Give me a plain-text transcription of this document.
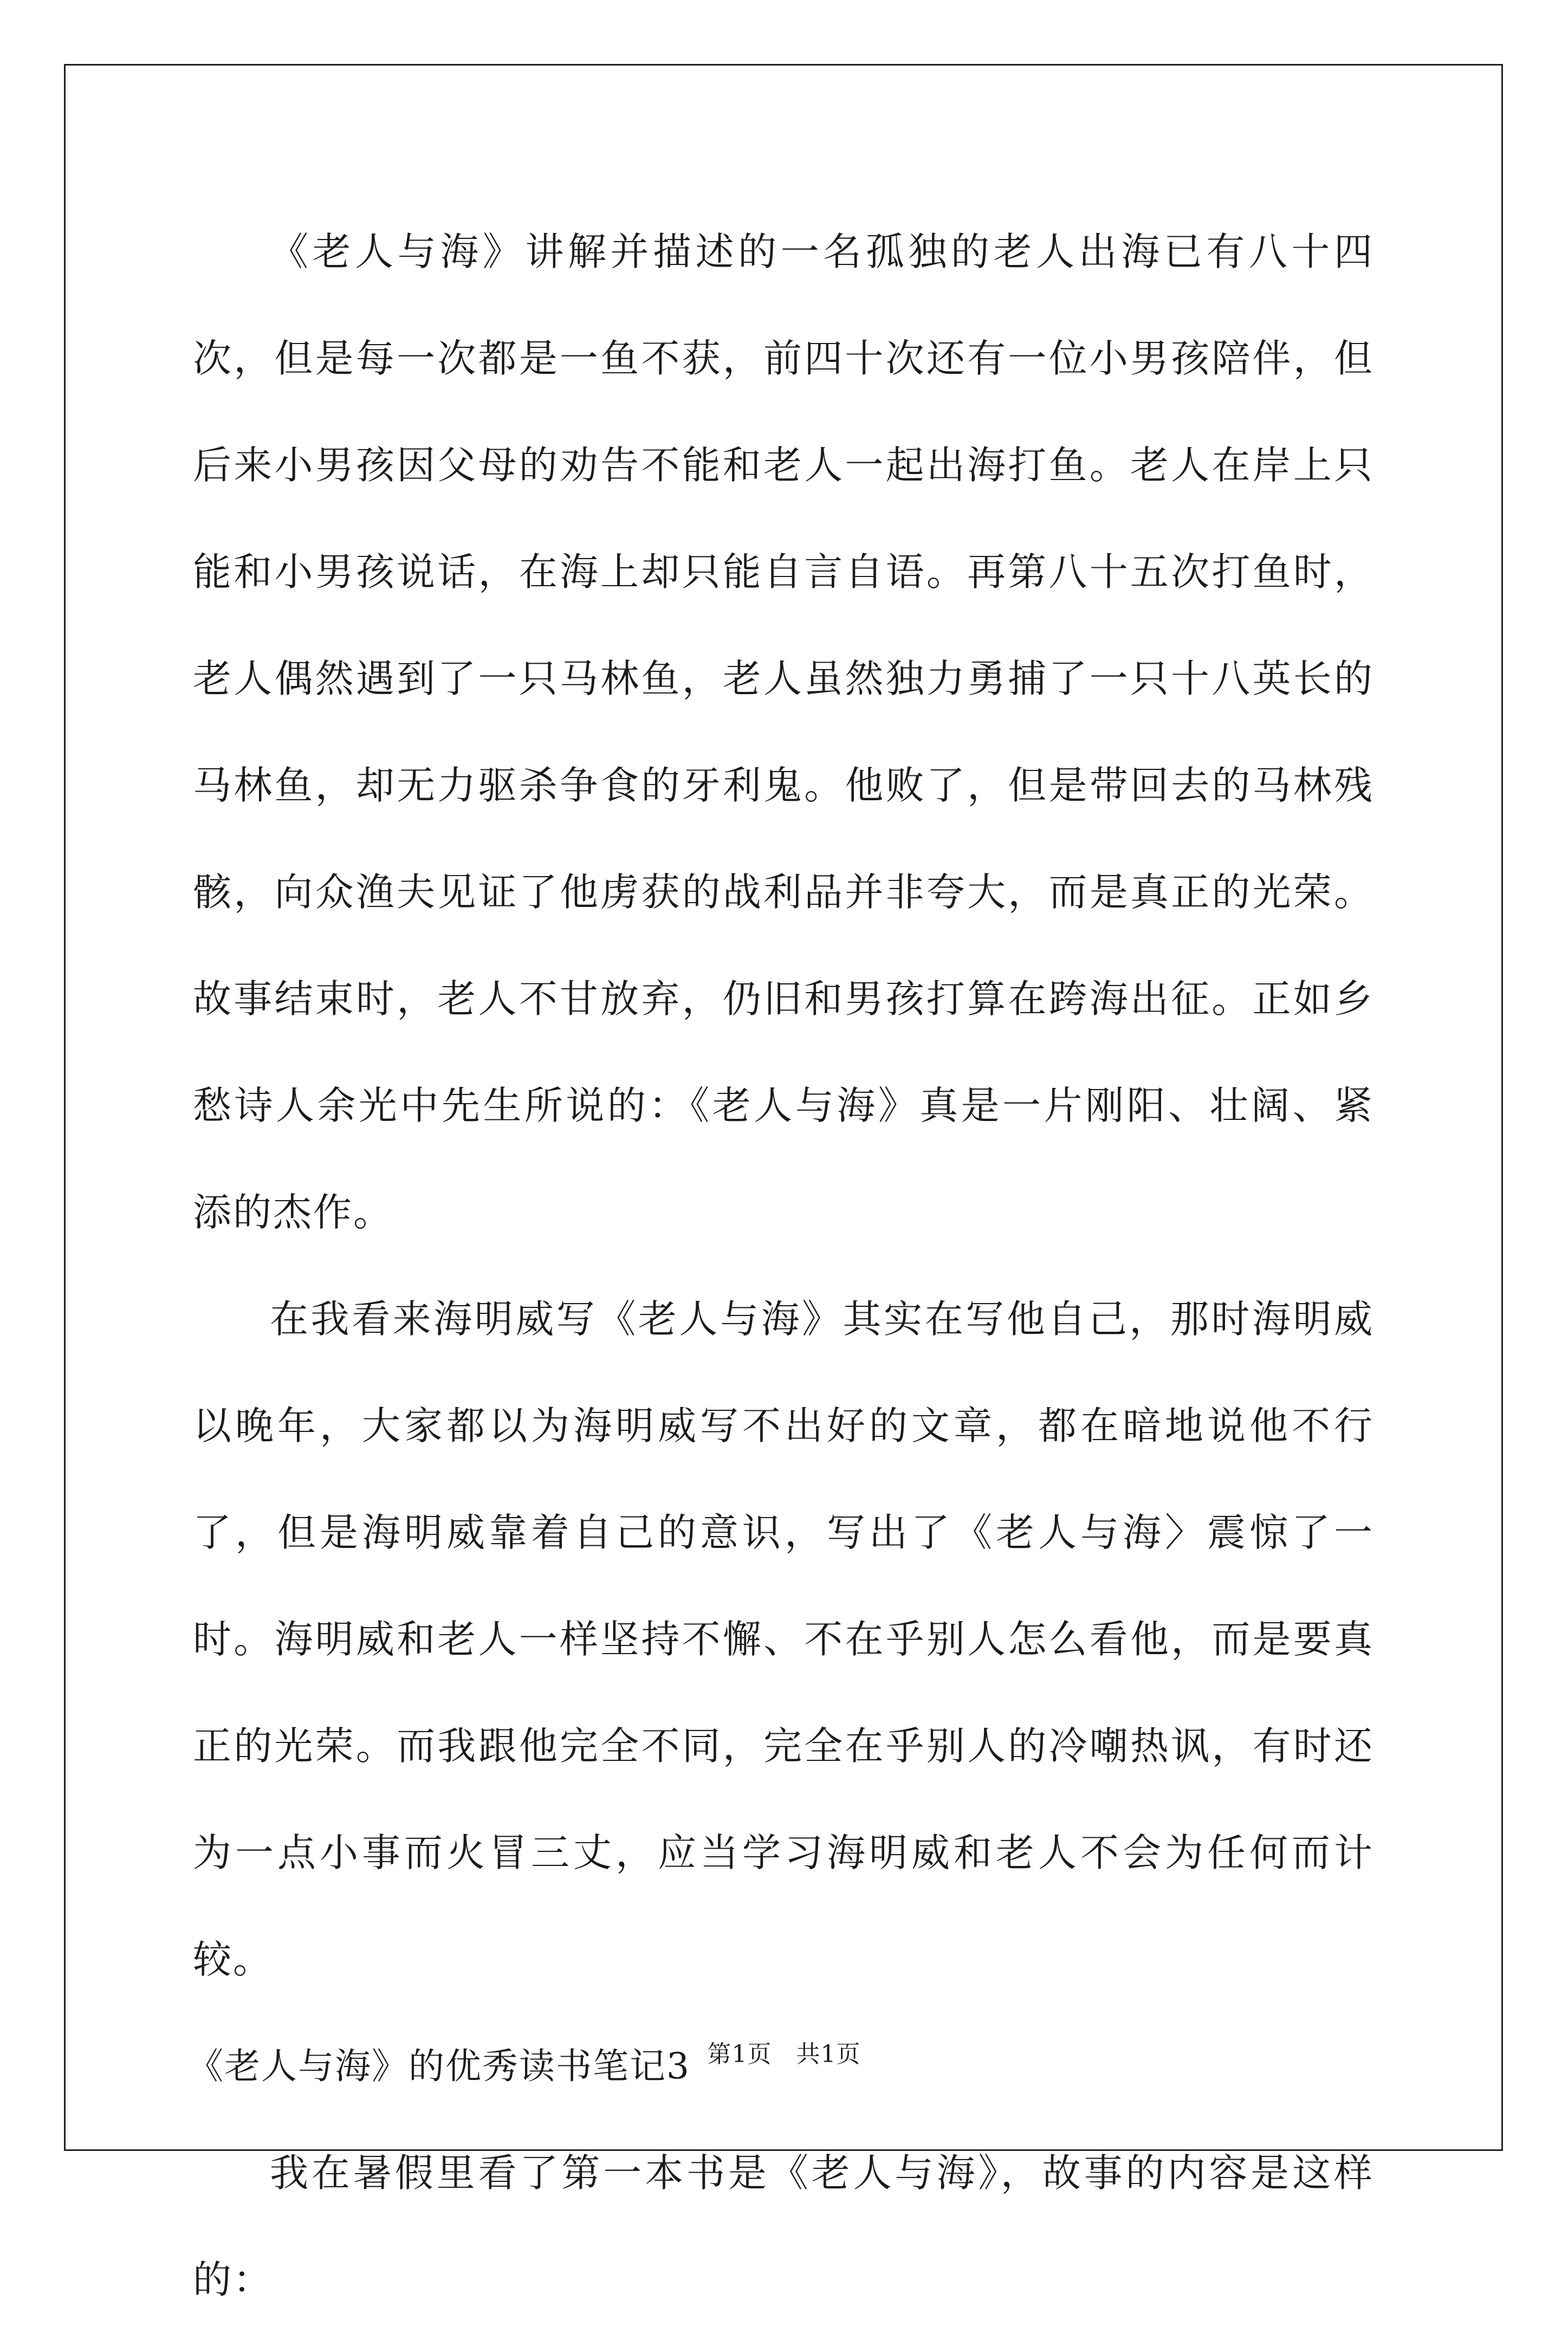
《老人与海》讲解并描述的一名孤独的老人出海已有八十四次，但是每一次都是一鱼不获，前四十次还有一位小男孩陪伴，但后来小男孩因父母的劝告不能和老人一起出海打鱼。老人在岸上只能和小男孩说话，在海上却只能自言自语。再第八十五次打鱼时，老人偶然遇到了一只马林鱼，老人虽然独力勇捕了一只十八英长的马林鱼，却无力驱杀争食的牙利鬼。他败了，但是带回去的马林残骸，向众渔夫见证了他虏获的战利品并非夸大，而是真正的光荣。故事结束时，老人不甘放弃，仍旧和男孩打算在跨海出征。正如乡愁诗人余光中先生所说的：《老人与海》真是一片刚阳、壮阔、紧添的杰作。

在我看来海明威写《老人与海》其实在写他自己，那时海明威以晚年，大家都以为海明威写不出好的文章，都在暗地说他不行了，但是海明威靠着自己的意识，写出了《老人与海〉震惊了一时。海明威和老人一样坚持不懈、不在乎别人怎么看他，而是要真正的光荣。而我跟他完全不同，完全在乎别人的冷嘲热讽，有时还为一点小事而火冒三丈，应当学习海明威和老人不会为任何而计较。

《老人与海》的优秀读书笔记3

我在暑假里看了第一本书是《老人与海》，故事的内容是这样的：

第1页   共1页
